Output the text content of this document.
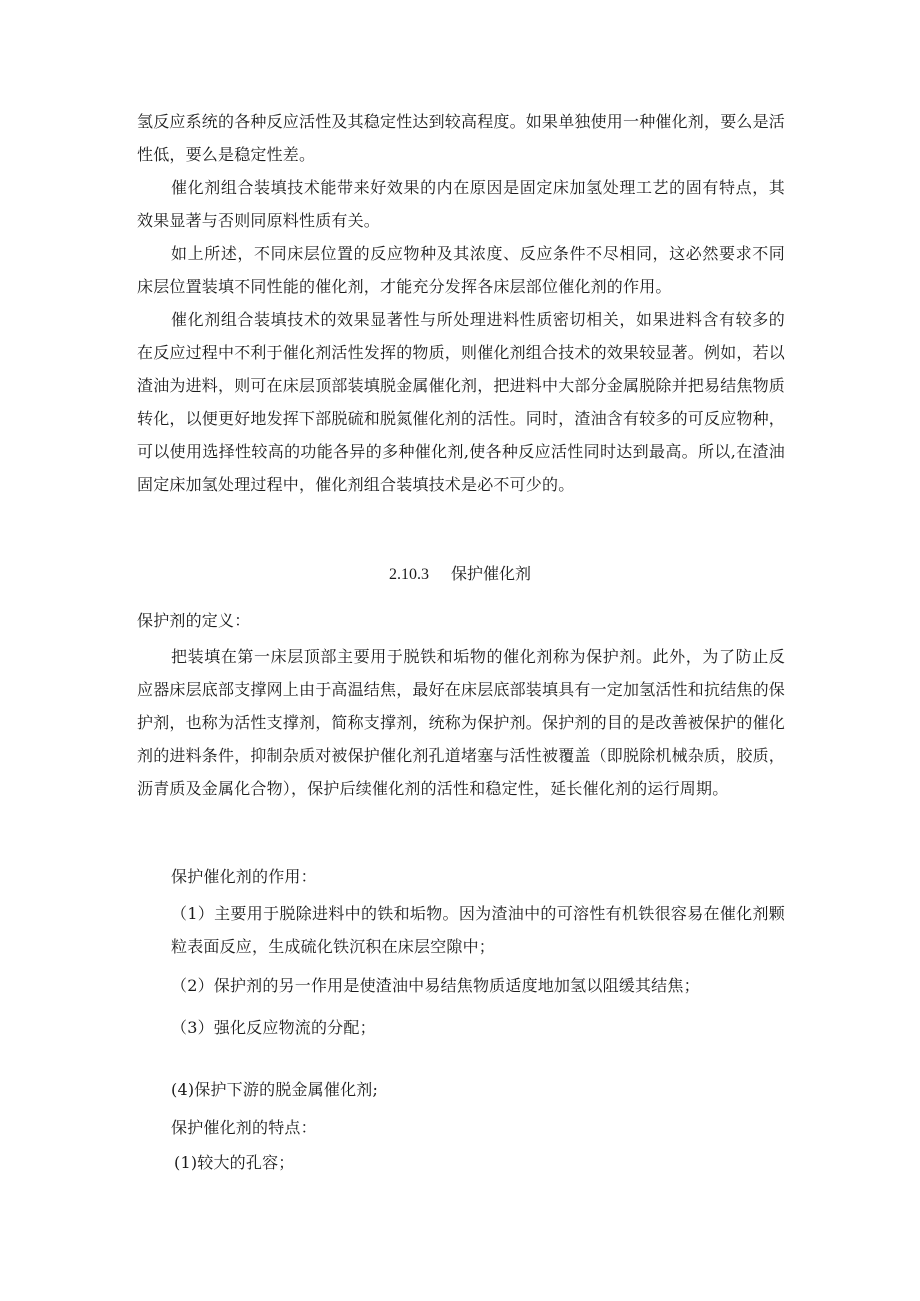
氢反应系统的各种反应活性及其稳定性达到较高程度。如果单独使用一种催化剂，要么是活性低，要么是稳定性差。

催化剂组合装填技术能带来好效果的内在原因是固定床加氢处理工艺的固有特点，其效果显著与否则同原料性质有关。

如上所述，不同床层位置的反应物种及其浓度、反应条件不尽相同，这必然要求不同床层位置装填不同性能的催化剂，才能充分发挥各床层部位催化剂的作用。

催化剂组合装填技术的效果显著性与所处理进料性质密切相关，如果进料含有较多的在反应过程中不利于催化剂活性发挥的物质，则催化剂组合技术的效果较显著。例如，若以渣油为进料，则可在床层顶部装填脱金属催化剂，把进料中大部分金属脱除并把易结焦物质转化，以便更好地发挥下部脱硫和脱氮催化剂的活性。同时，渣油含有较多的可反应物种，可以使用选择性较高的功能各异的多种催化剂,使各种反应活性同时达到最高。所以,在渣油固定床加氢处理过程中，催化剂组合装填技术是必不可少的。

2.10.3 保护催化剂

保护剂的定义：

把装填在第一床层顶部主要用于脱铁和垢物的催化剂称为保护剂。此外，为了防止反应器床层底部支撑网上由于高温结焦，最好在床层底部装填具有一定加氢活性和抗结焦的保护剂，也称为活性支撑剂，简称支撑剂，统称为保护剂。保护剂的目的是改善被保护的催化剂的进料条件，抑制杂质对被保护催化剂孔道堵塞与活性被覆盖（即脱除机械杂质，胶质，沥青质及金属化合物），保护后续催化剂的活性和稳定性，延长催化剂的运行周期。

保护催化剂的作用：

（1）主要用于脱除进料中的铁和垢物。因为渣油中的可溶性有机铁很容易在催化剂颗粒表面反应，生成硫化铁沉积在床层空隙中；

（2）保护剂的另一作用是使渣油中易结焦物质适度地加氢以阻缓其结焦；

（3）强化反应物流的分配；

(4)保护下游的脱金属催化剂;

保护催化剂的特点：

(1)较大的孔容；
